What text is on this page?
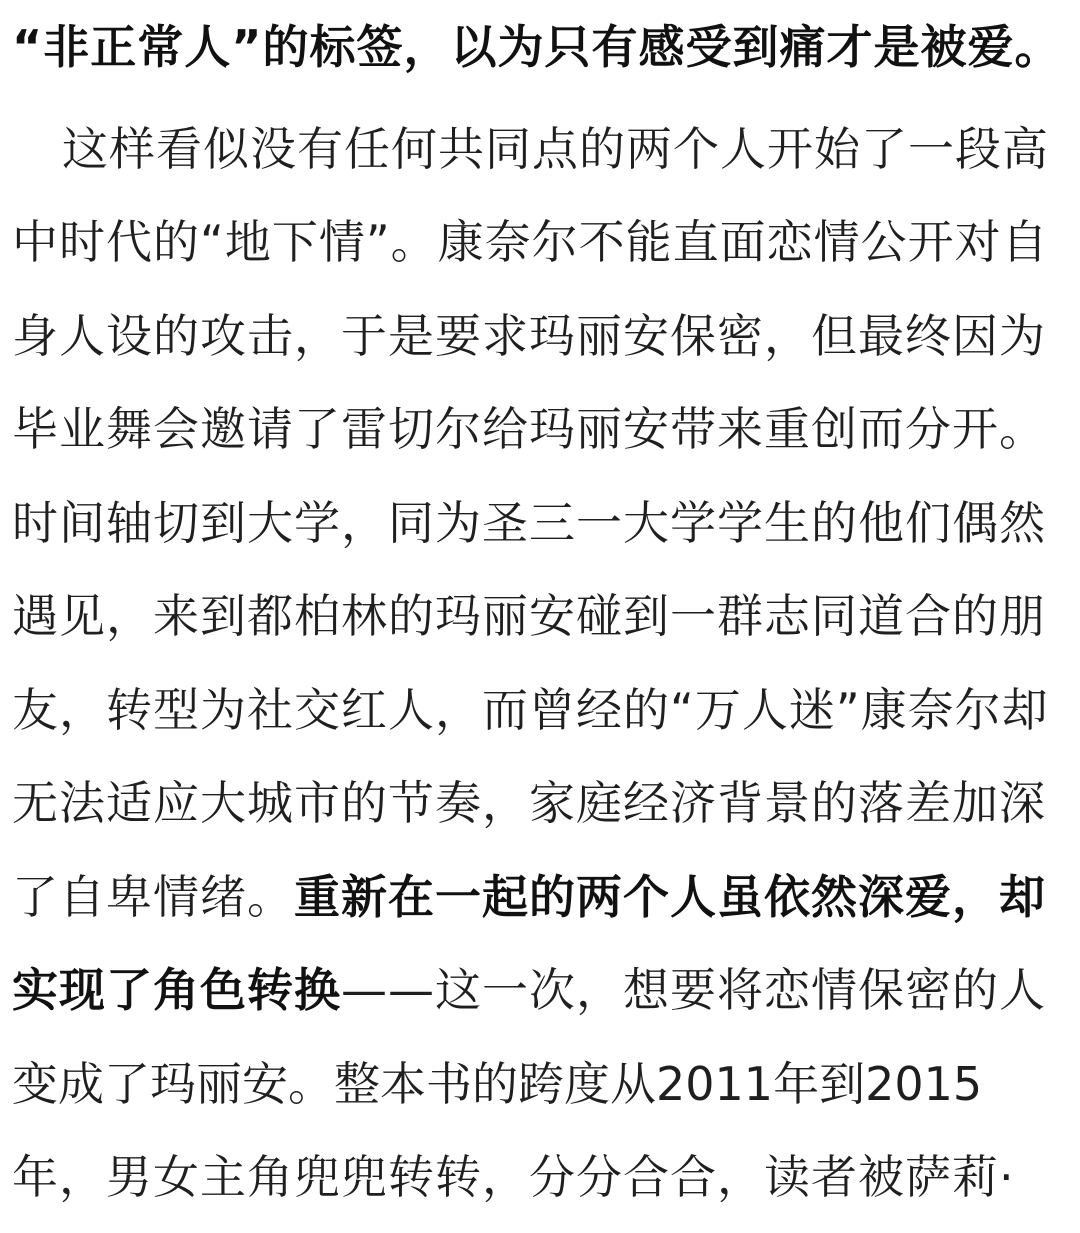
“非正常人”的标签，以为只有感受到痛才是被爱。
这样看似没有任何共同点的两个人开始了一段高
中时代的“地下情”。康奈尔不能直面恋情公开对自
身人设的攻击，于是要求玛丽安保密，但最终因为
毕业舞会邀请了雷切尔给玛丽安带来重创而分开。
时间轴切到大学，同为圣三一大学学生的他们偶然
遇见，来到都柏林的玛丽安碰到一群志同道合的朋
友，转型为社交红人，而曾经的“万人迷”康奈尔却
无法适应大城市的节奏，家庭经济背景的落差加深
了自卑情绪。重新在一起的两个人虽依然深爱，却
实现了角色转换——这一次，想要将恋情保密的人
变成了玛丽安。整本书的跨度从2011年到2015
年，男女主角兜兜转转，分分合合，读者被萨莉·
